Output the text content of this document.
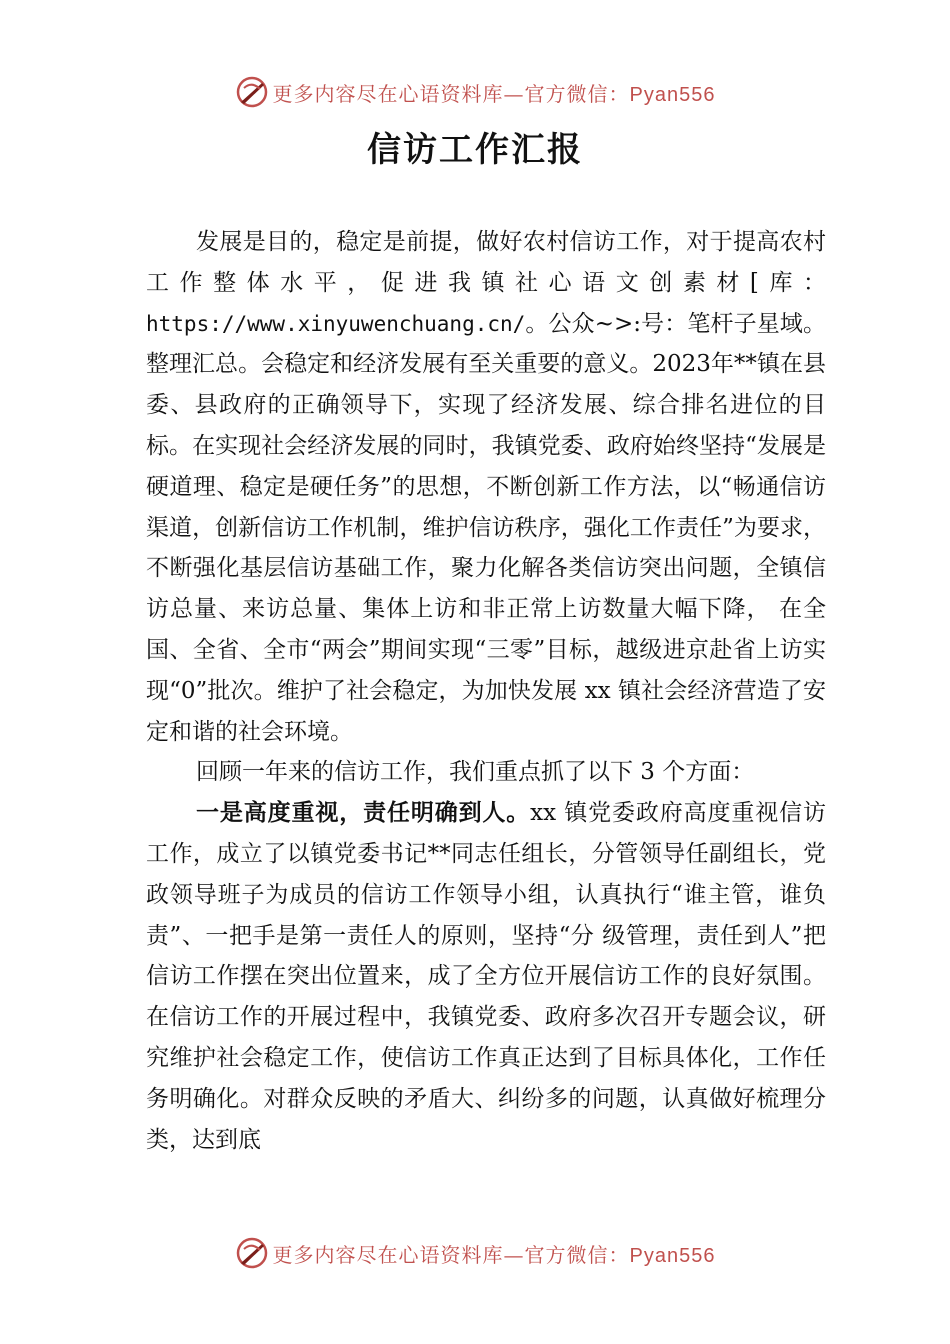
更多内容尽在心语资料库—官方微信：Pyan556
信访工作汇报

发展是目的，稳定是前提，做好农村信访工作，对于提高农村工作整体水平，促进我镇社心语文创素材[库：https://www.xinyuwenchuang.cn/。公众~>:号：笔杆子星域。整理汇总。会稳定和经济发展有至关重要的意义。2023年**镇在县委、县政府的正确领导下，实现了经济发展、综合排名进位的目标。在实现社会经济发展的同时，我镇党委、政府始终坚持“发展是硬道理、稳定是硬任务”的思想，不断创新工作方法，以“畅通信访渠道，创新信访工作机制，维护信访秩序，强化工作责任”为要求，不断强化基层信访基础工作，聚力化解各类信访突出问题，全镇信访总量、来访总量、集体上访和非正常上访数量大幅下降， 在全国、全省、全市“两会”期间实现“三零”目标，越级进京赴省上访实现“0”批次。维护了社会稳定，为加快发展 xx 镇社会经济营造了安定和谐的社会环境。

回顾一年来的信访工作，我们重点抓了以下 3 个方面：

一是高度重视，责任明确到人。xx 镇党委政府高度重视信访工作，成立了以镇党委书记**同志任组长，分管领导任副组长，党政领导班子为成员的信访工作领导小组，认真执行“谁主管，谁负责”、一把手是第一责任人的原则，坚持“分 级管理，责任到人”把信访工作摆在突出位置来，成了全方位开展信访工作的良好氛围。在信访工作的开展过程中，我镇党委、政府多次召开专题会议，研究维护社会稳定工作，使信访工作真正达到了目标具体化，工作任务明确化。对群众反映的矛盾大、纠纷多的问题，认真做好梳理分类，达到底

更多内容尽在心语资料库—官方微信：Pyan556
